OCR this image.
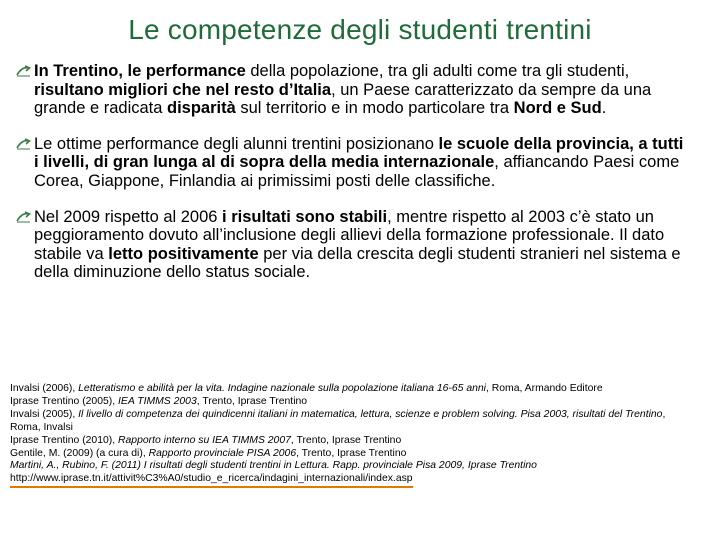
Le competenze degli studenti trentini
In Trentino, le performance della popolazione, tra gli adulti come tra gli studenti, risultano migliori che nel resto d’Italia, un Paese caratterizzato da sempre da una grande e radicata disparità sul territorio e in modo particolare tra Nord e Sud.
Le ottime performance degli alunni trentini posizionano le scuole della provincia, a tutti i livelli, di gran lunga al di sopra della media internazionale, affiancando Paesi come Corea, Giappone, Finlandia ai primissimi posti delle classifiche.
Nel 2009 rispetto al 2006 i risultati sono stabili, mentre rispetto al 2003 c’è stato un peggioramento dovuto all’inclusione degli allievi della formazione professionale. Il dato stabile va letto positivamente per via della crescita degli studenti stranieri nel sistema e della diminuzione dello status sociale.
Invalsi (2006), Letteratismo e abilità per la vita. Indagine nazionale sulla popolazione italiana 16-65 anni, Roma, Armando Editore
Iprase Trentino (2005), IEA TIMMS 2003, Trento, Iprase Trentino
Invalsi (2005), Il livello di competenza dei quindicenni italiani in matematica, lettura, scienze e problem solving. Pisa 2003, risultati del Trentino, Roma, Invalsi
Iprase Trentino (2010), Rapporto interno su IEA TIMMS 2007, Trento, Iprase Trentino
Gentile, M. (2009) (a cura di), Rapporto provinciale PISA 2006, Trento, Iprase Trentino
Martini, A., Rubino, F. (2011) I risultati degli studenti trentini in Lettura. Rapp. provinciale Pisa 2009, Iprase Trentino
http://www.iprase.tn.it/attivit%C3%A0/studio_e_ricerca/indagini_internazionali/index.asp
